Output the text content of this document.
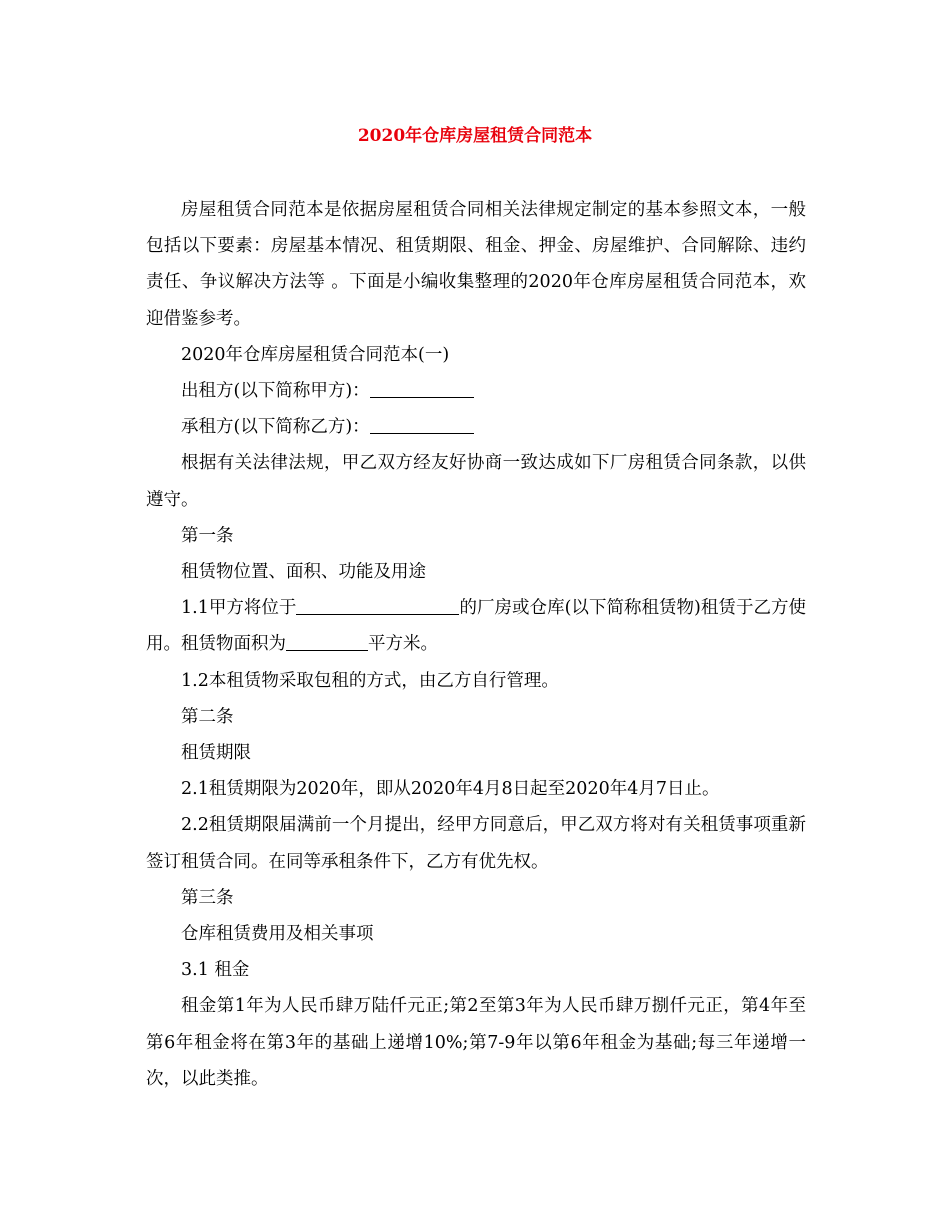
2020年仓库房屋租赁合同范本

房屋租赁合同范本是依据房屋租赁合同相关法律规定制定的基本参照文本，一般包括以下要素：房屋基本情况、租赁期限、租金、押金、房屋维护、合同解除、违约责任、争议解决方法等 。下面是小编收集整理的2020年仓库房屋租赁合同范本，欢迎借鉴参考。

2020年仓库房屋租赁合同范本(一)

出租方(以下简称甲方)：

承租方(以下简称乙方)：

根据有关法律法规，甲乙双方经友好协商一致达成如下厂房租赁合同条款，以供遵守。

第一条

租赁物位置、面积、功能及用途

1.1甲方将位于	的厂房或仓库(以下简称租赁物)租赁于乙方使用。租赁物面积为	平方米。

1.2本租赁物采取包租的方式，由乙方自行管理。

第二条

租赁期限

2.1租赁期限为2020年，即从2020年4月8日起至2020年4月7日止。

2.2租赁期限届满前一个月提出，经甲方同意后，甲乙双方将对有关租赁事项重新签订租赁合同。在同等承租条件下，乙方有优先权。

第三条

仓库租赁费用及相关事项

3.1 租金

租金第1年为人民币肆万陆仟元正;第2至第3年为人民币肆万捌仟元正，第4年至第6年租金将在第3年的基础上递增10%;第7-9年以第6年租金为基础;每三年递增一次，以此类推。
